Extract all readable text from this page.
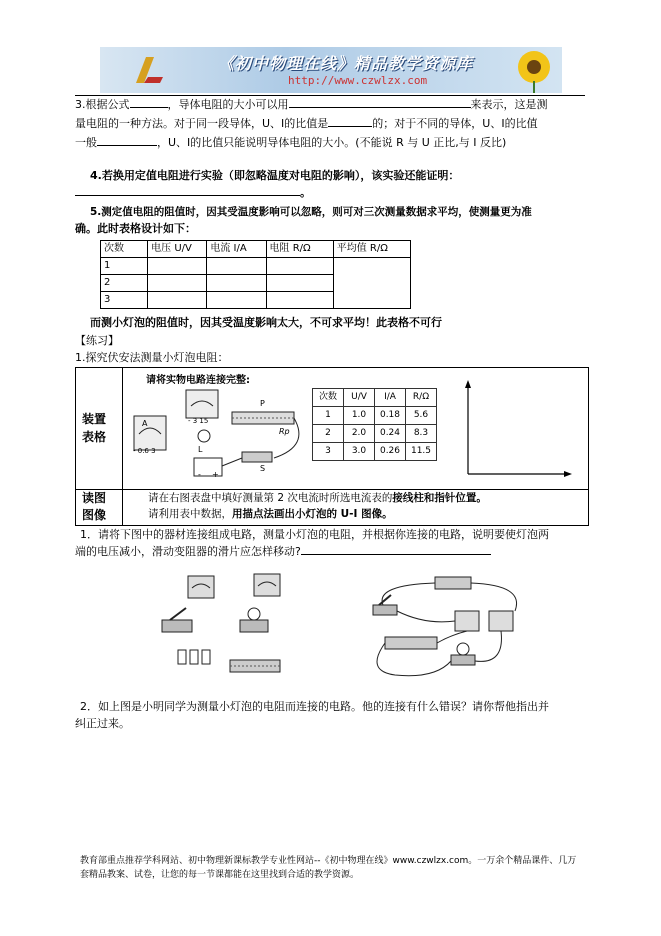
《初中物理在线》精品教学资源库
http://www.czwlzx.com
3.根据公式	，导体电阻的大小可以用	来表示，这是测
量电阻的一种方法。对于同一段导体，U、I的比值是	的；对于不同的导体，U、I的比值
一般	，U、I的比值只能说明导体电阻的大小。(不能说 R 与 U 正比,与 I 反比)
4.若换用定值电阻进行实验（即忽略温度对电阻的影响），该实验还能证明：
。
5.测定值电阻的阻值时，因其受温度影响可以忽略，则可对三次测量数据求平均，使测量更为准
确。此时表格设计如下：
次数	电压 U/V	电流 I/A	电阻 R/Ω	平均值 R/Ω
1				
2				
3				
而测小灯泡的阻值时，因其受温度影响太大，不可求平均！此表格不可行
【练习】
1.探究伏安法测量小灯泡电阻：
装置表格
读图图像
请将实物电路连接完整:
A
- 0.6 3
- 3 15
P
Rp
L
S
- +
次数	U/V	I/A	R/Ω
1	1.0	0.18	5.6
2	2.0	0.24	8.3
3	3.0	0.26	11.5
请在右图表盘中填好测量第 2 次电流时所选电流表的接线柱和指针位置。
请利用表中数据，用描点法画出小灯泡的 U-I 图像。
1．请将下图中的器材连接组成电路，测量小灯泡的电阻，并根据你连接的电路，说明要使灯泡两
端的电压减小，滑动变阻器的滑片应怎样移动?
2．如上图是小明同学为测量小灯泡的电阻而连接的电路。他的连接有什么错误？请你帮他指出并
纠正过来。
教育部重点推荐学科网站、初中物理新课标教学专业性网站--《初中物理在线》www.czwlzx.com。一万余个精品课件、几万套精品教案、试卷，让您的每一节课都能在这里找到合适的教学资源。
